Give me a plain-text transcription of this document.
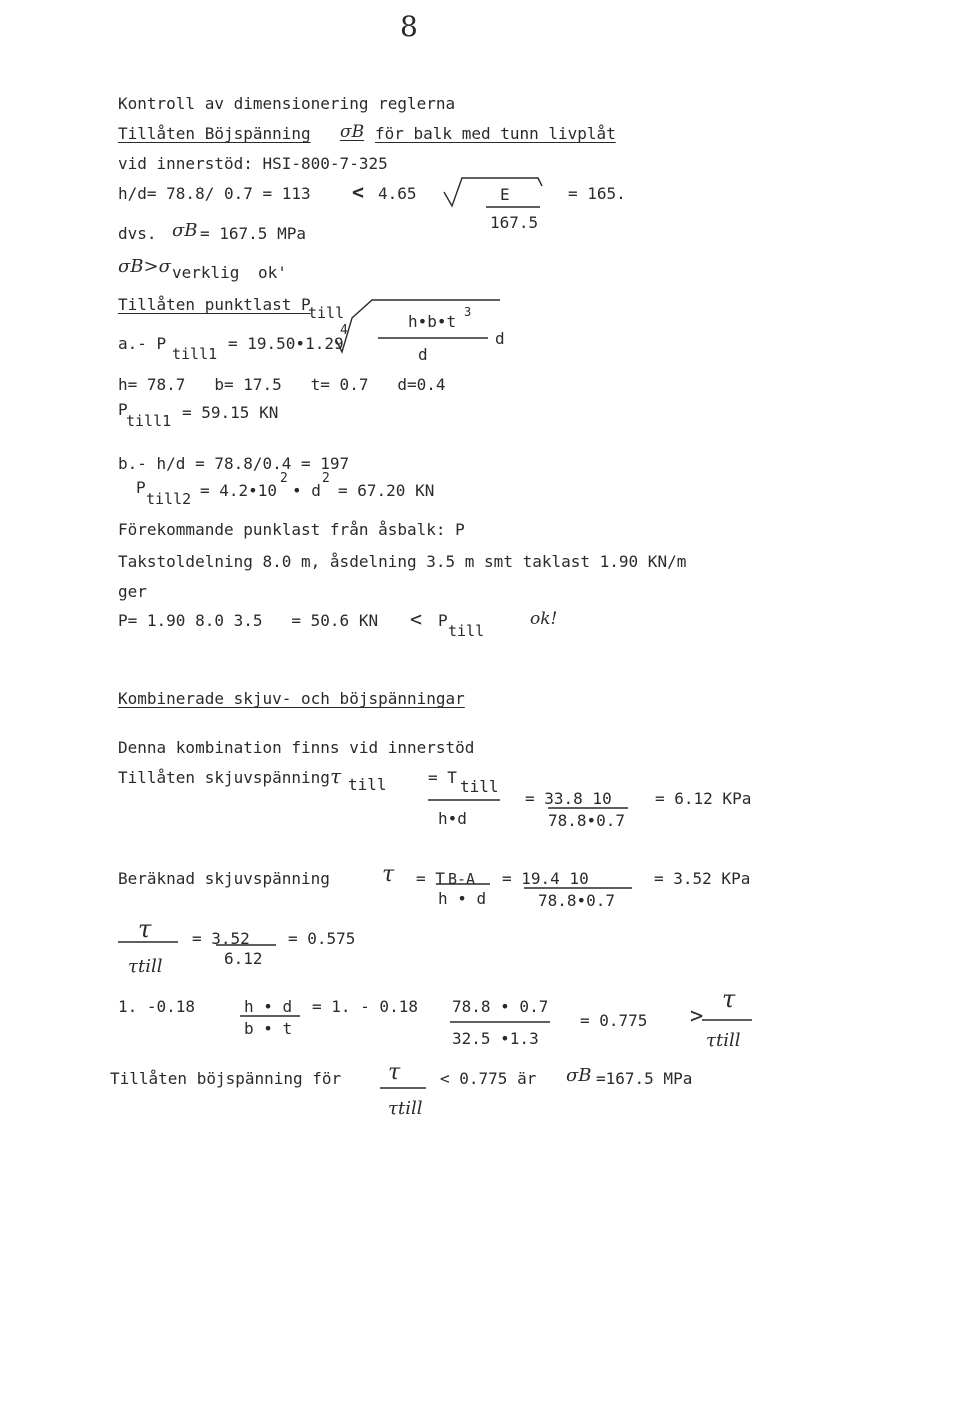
8
Kontroll av dimensionering reglerna
Tillåten Böjspänning σB för balk med tunn livplåt
vid innerstöd: HSI-800-7-325
h/d= 78.8/ 0.7 = 113 < 4.65	E
167.5
= 165.
dvs. σB = 167.5 MPa
σB>σ verklig ok'
Tillåten punktlast P
till
a.- P
till1
= 19.50•1.29
4	h•b•t 3
d
d
h= 78.7   b= 17.5   t= 0.7   d=0.4
P
till1 = 59.15 KN
b.- h/d = 78.8/0.4 = 197
P
till2 = 4.2•10
2
• d
2
= 67.20 KN
Förekommande punklast från åsbalk: P
Takstoldelning 8.0 m, åsdelning 3.5 m smt taklast 1.90 KN/m
ger
P= 1.90 8.0 3.5   = 50.6 KN < P
till
ok!
Kombinerade skjuv- och böjspänningar
Denna kombination finns vid innerstöd
Tillåten skjuvspänning τ till	= T till
h•d
= 33.8 10
78.8•0.7
= 6.12 KPa
Beräknad skjuvspänning τ = T B-A
h • d
= 19.4 10
78.8•0.7
= 3.52 KPa
τ
τtill
= 3.52
6.12
= 0.575
1. -0.18	h • d
b • t
= 1. - 0.18 78.8 • 0.7
32.5 •1.3
= 0.775 >
τ
τtill
Tillåten böjspänning för τ
τtill
< 0.775 är σB =167.5 MPa
